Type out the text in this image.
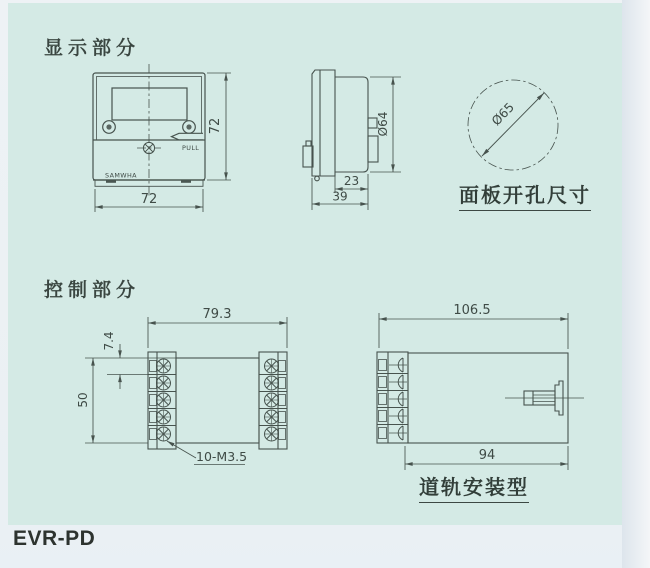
显示部分
控制部分
面板开孔尺寸
道轨安装型
EVR-PD
SAMWHA
PULL
72
72
Ø64
23
39
Ø65
79.3
7.4
50
10-M3.5
106.5
94
